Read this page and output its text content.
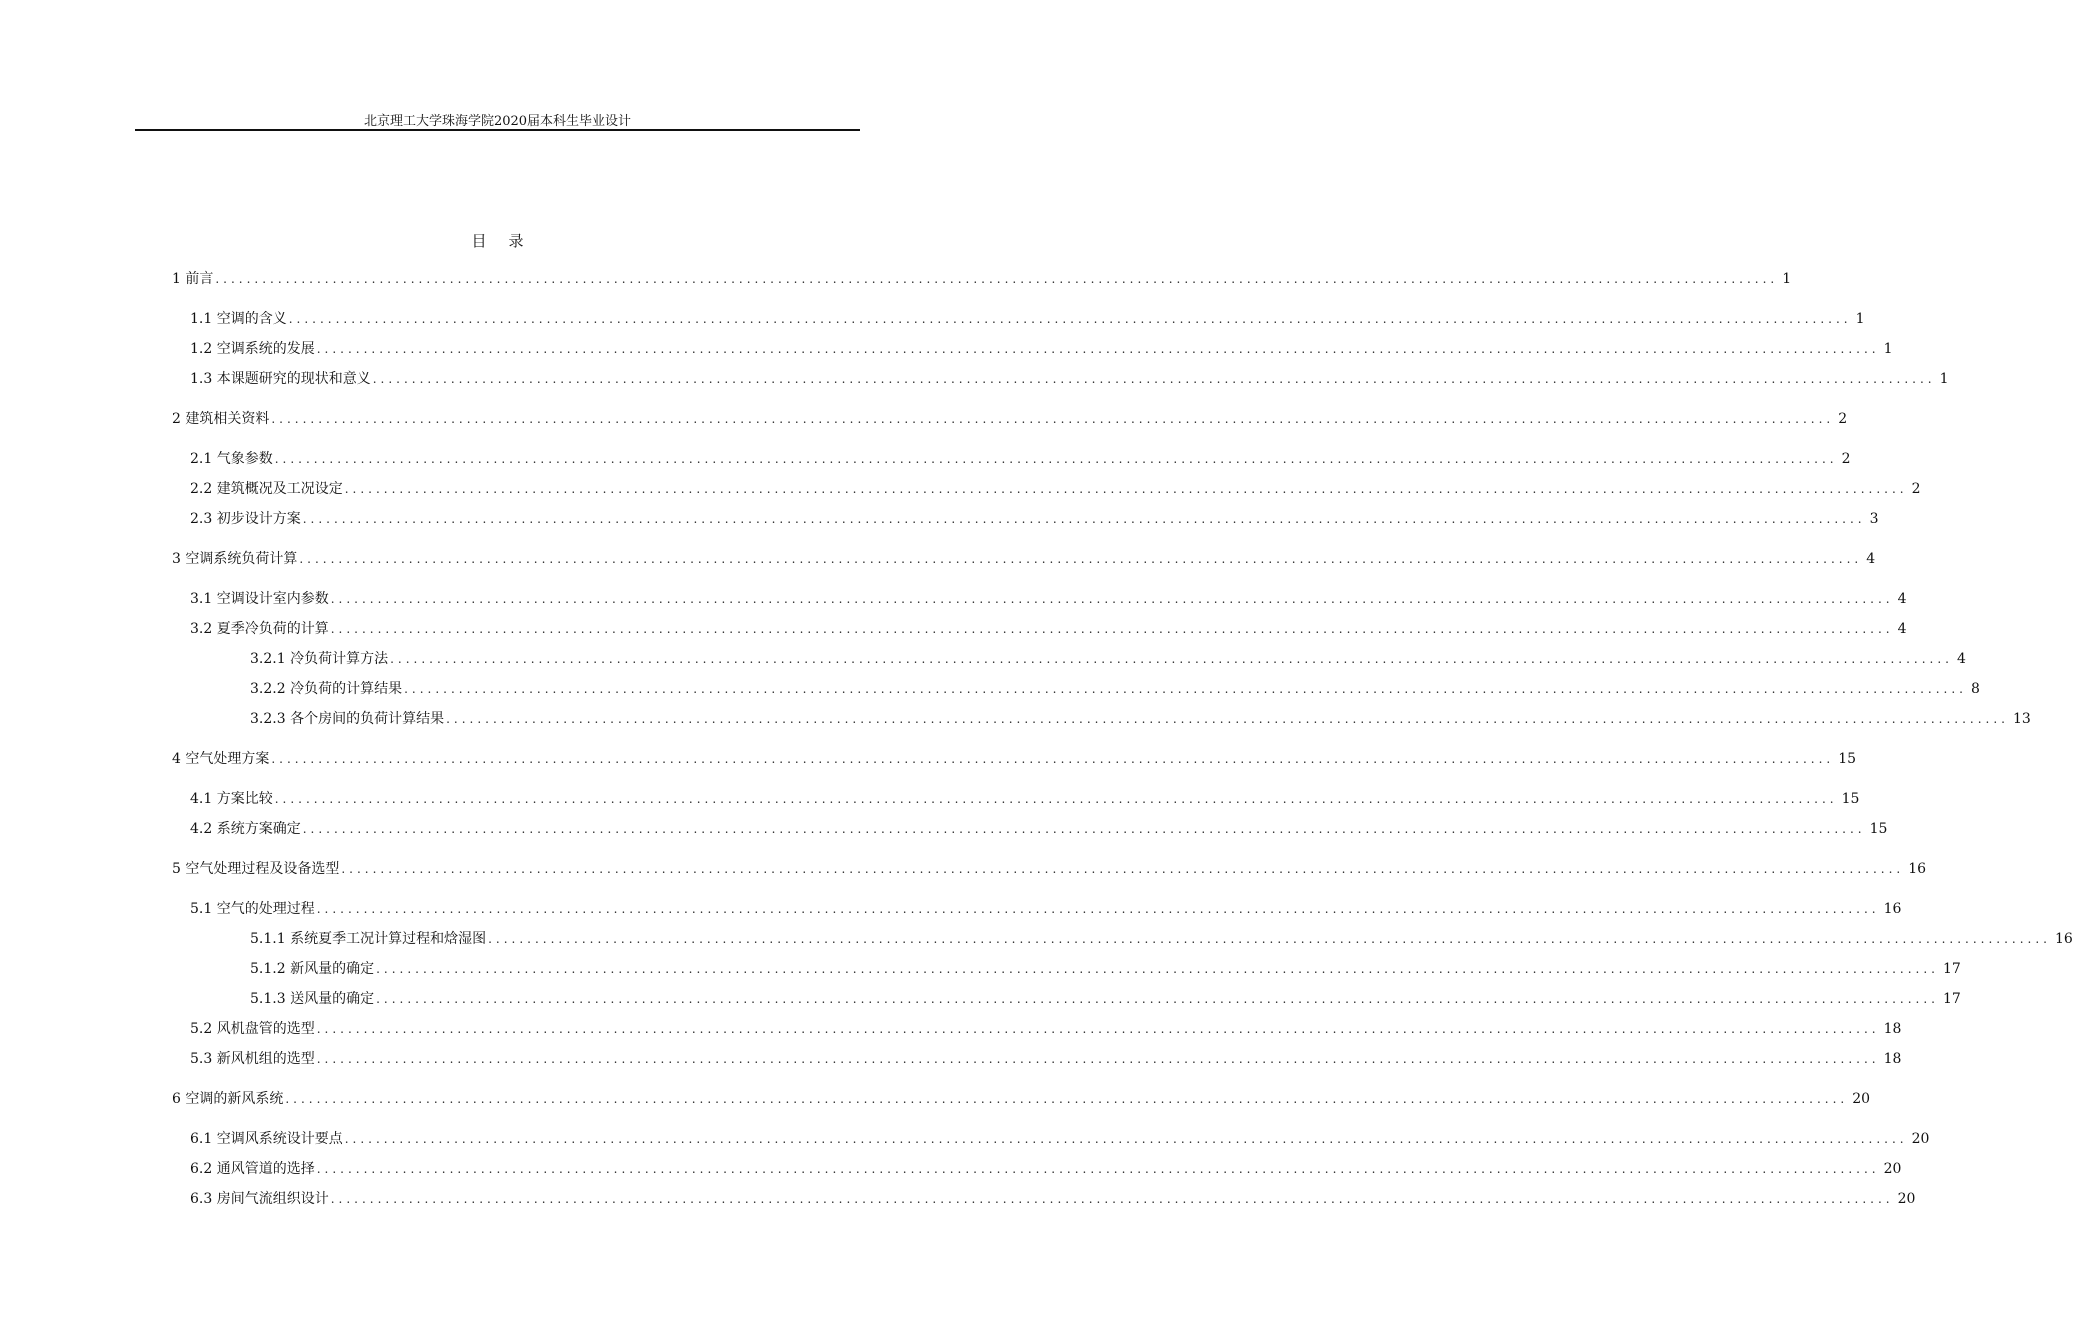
北京理工大学珠海学院2020届本科生毕业设计
目录
1 前言 ........................................................................................................................................................................................................ 1
1.1 空调的含义 ........................................................................................................................................................................................................ 1
1.2 空调系统的发展 ........................................................................................................................................................................................................ 1
1.3 本课题研究的现状和意义 ........................................................................................................................................................................................................ 1
2 建筑相关资料 ........................................................................................................................................................................................................ 2
2.1 气象参数 ........................................................................................................................................................................................................ 2
2.2 建筑概况及工况设定 ........................................................................................................................................................................................................ 2
2.3 初步设计方案 ........................................................................................................................................................................................................ 3
3 空调系统负荷计算 ........................................................................................................................................................................................................ 4
3.1 空调设计室内参数 ........................................................................................................................................................................................................ 4
3.2 夏季冷负荷的计算 ........................................................................................................................................................................................................ 4
3.2.1 冷负荷计算方法 ........................................................................................................................................................................................................ 4
3.2.2 冷负荷的计算结果 ........................................................................................................................................................................................................ 8
3.2.3 各个房间的负荷计算结果 ........................................................................................................................................................................................................ 13
4 空气处理方案 ........................................................................................................................................................................................................ 15
4.1 方案比较 ........................................................................................................................................................................................................ 15
4.2 系统方案确定 ........................................................................................................................................................................................................ 15
5 空气处理过程及设备选型 ........................................................................................................................................................................................................ 16
5.1 空气的处理过程 ........................................................................................................................................................................................................ 16
5.1.1 系统夏季工况计算过程和焓湿图 ........................................................................................................................................................................................................ 16
5.1.2 新风量的确定 ........................................................................................................................................................................................................ 17
5.1.3 送风量的确定 ........................................................................................................................................................................................................ 17
5.2 风机盘管的选型 ........................................................................................................................................................................................................ 18
5.3 新风机组的选型 ........................................................................................................................................................................................................ 18
6 空调的新风系统 ........................................................................................................................................................................................................ 20
6.1 空调风系统设计要点 ........................................................................................................................................................................................................ 20
6.2 通风管道的选择 ........................................................................................................................................................................................................ 20
6.3 房间气流组织设计 ........................................................................................................................................................................................................ 20
